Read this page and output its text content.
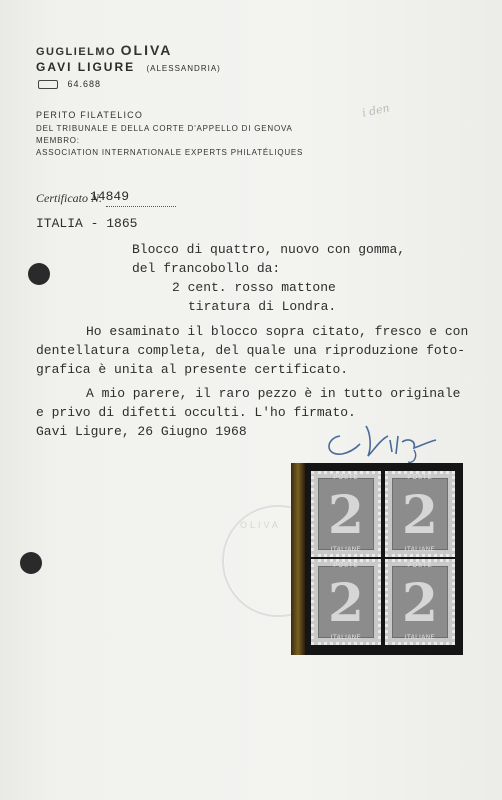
GUGLIELMO OLIVA
GAVI LIGURE (ALESSANDRIA)
64.688
PERITO FILATELICO
DEL TRIBUNALE E DELLA CORTE D'APPELLO DI GENOVA
MEMBRO:
ASSOCIATION INTERNATIONALE EXPERTS PHILATÉLIQUES
i den
Certificato N.
14849
ITALIA - 1865
Blocco di quattro, nuovo con gomma,
del francobollo da:
2 cent. rosso mattone
tiratura di Londra.
Ho esaminato il blocco sopra citato, fresco e con
dentellatura completa, del quale una riproduzione foto-
grafica è unita al presente certificato.
A mio parere, il raro pezzo è in tutto originale
e privo di difetti occulti. L'ho firmato.
Gavi Ligure, 26 Giugno 1968
OLIVA
POSTE
2
ITALIANE
POSTE
2
ITALIANE
POSTE
2
ITALIANE
POSTE
2
ITALIANE
